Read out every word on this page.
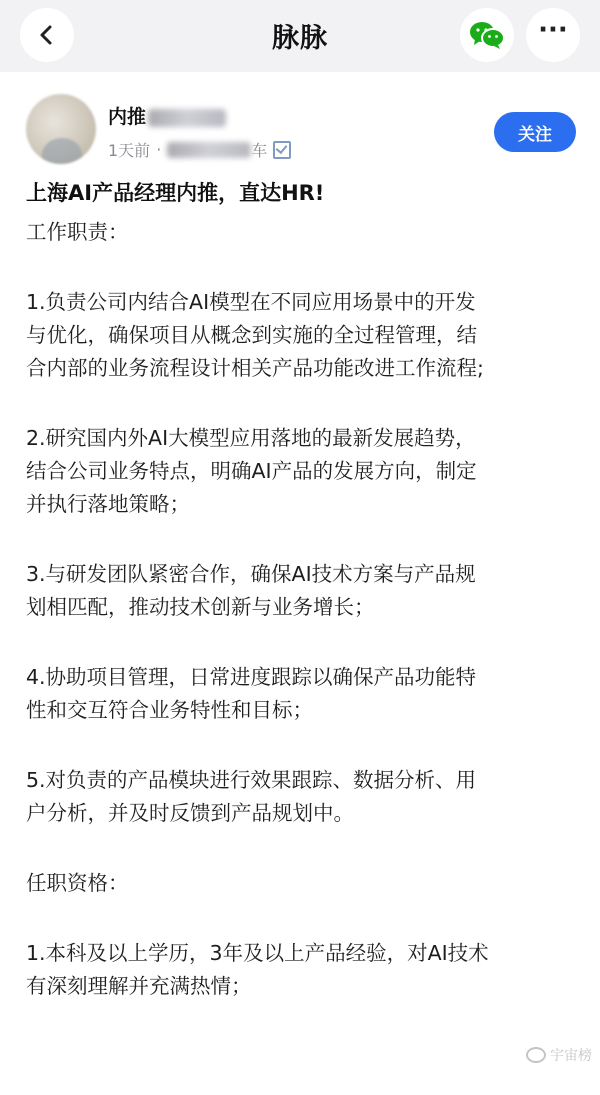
脉脉	···
内推
1天前 ·	车
关注

上海AI产品经理内推，直达HR!

工作职责：

1.负责公司内结合AI模型在不同应用场景中的开发

与优化，确保项目从概念到实施的全过程管理，结

合内部的业务流程设计相关产品功能改进工作流程;

2.研究国内外AI大模型应用落地的最新发展趋势，

结合公司业务特点，明确AI产品的发展方向，制定

并执行落地策略；

3.与研发团队紧密合作，确保AI技术方案与产品规

划相匹配，推动技术创新与业务增长；

4.协助项目管理，日常进度跟踪以确保产品功能特

性和交互符合业务特性和目标；

5.对负责的产品模块进行效果跟踪、数据分析、用

户分析，并及时反馈到产品规划中。

任职资格：

1.本科及以上学历，3年及以上产品经验，对AI技术

有深刻理解并充满热情；

宇宙榜
